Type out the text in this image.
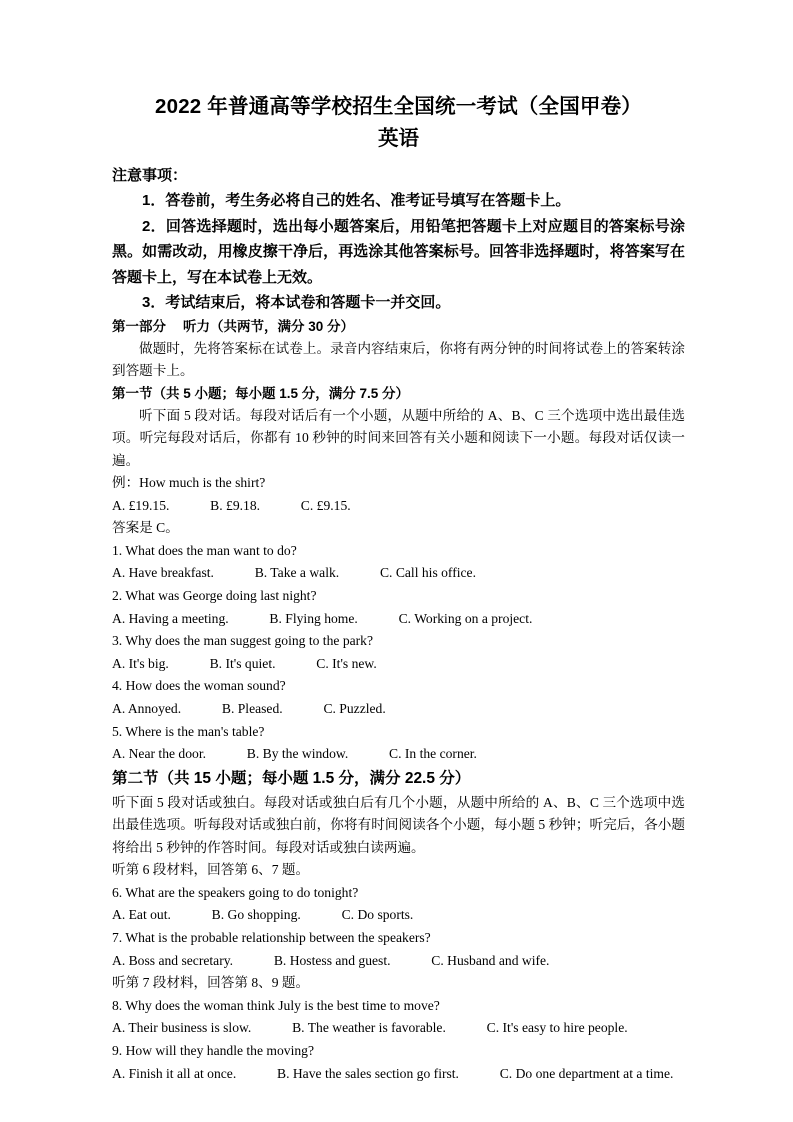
2022 年普通高等学校招生全国统一考试（全国甲卷）
英语
注意事项：
1．答卷前，考生务必将自己的姓名、准考证号填写在答题卡上。
2．回答选择题时，选出每小题答案后，用铅笔把答题卡上对应题目的答案标号涂黑。如需改动，用橡皮擦干净后，再选涂其他答案标号。回答非选择题时，将答案写在答题卡上，写在本试卷上无效。
3．考试结束后，将本试卷和答题卡一并交回。
第一部分 听力（共两节，满分 30 分）
做题时，先将答案标在试卷上。录音内容结束后，你将有两分钟的时间将试卷上的答案转涂到答题卡上。
第一节（共 5 小题；每小题 1.5 分，满分 7.5 分）
听下面 5 段对话。每段对话后有一个小题，从题中所给的 A、B、C 三个选项中选出最佳选项。听完每段对话后，你都有 10 秒钟的时间来回答有关小题和阅读下一小题。每段对话仅读一遍。
例：How much is the shirt?
A. £19.15.            B. £9.18.            C. £9.15.
答案是 C。
1. What does the man want to do?
A. Have breakfast.            B. Take a walk.            C. Call his office.
2. What was George doing last night?
A. Having a meeting.            B. Flying home.            C. Working on a project.
3. Why does the man suggest going to the park?
A. It's big.            B. It's quiet.            C. It's new.
4. How does the woman sound?
A. Annoyed.            B. Pleased.            C. Puzzled.
5. Where is the man's table?
A. Near the door.            B. By the window.            C. In the corner.
第二节（共 15 小题；每小题 1.5 分，满分 22.5 分）
听下面 5 段对话或独白。每段对话或独白后有几个小题，从题中所给的 A、B、C 三个选项中选出最佳选项。听每段对话或独白前，你将有时间阅读各个小题，每小题 5 秒钟；听完后，各小题将给出 5 秒钟的作答时间。每段对话或独白读两遍。
听第 6 段材料，回答第 6、7 题。
6. What are the speakers going to do tonight?
A. Eat out.            B. Go shopping.            C. Do sports.
7. What is the probable relationship between the speakers?
A. Boss and secretary.            B. Hostess and guest.            C. Husband and wife.
听第 7 段材料，回答第 8、9 题。
8. Why does the woman think July is the best time to move?
A. Their business is slow.            B. The weather is favorable.            C. It's easy to hire people.
9. How will they handle the moving?
A. Finish it all at once.            B. Have the sales section go first.            C. Do one department at a time.
